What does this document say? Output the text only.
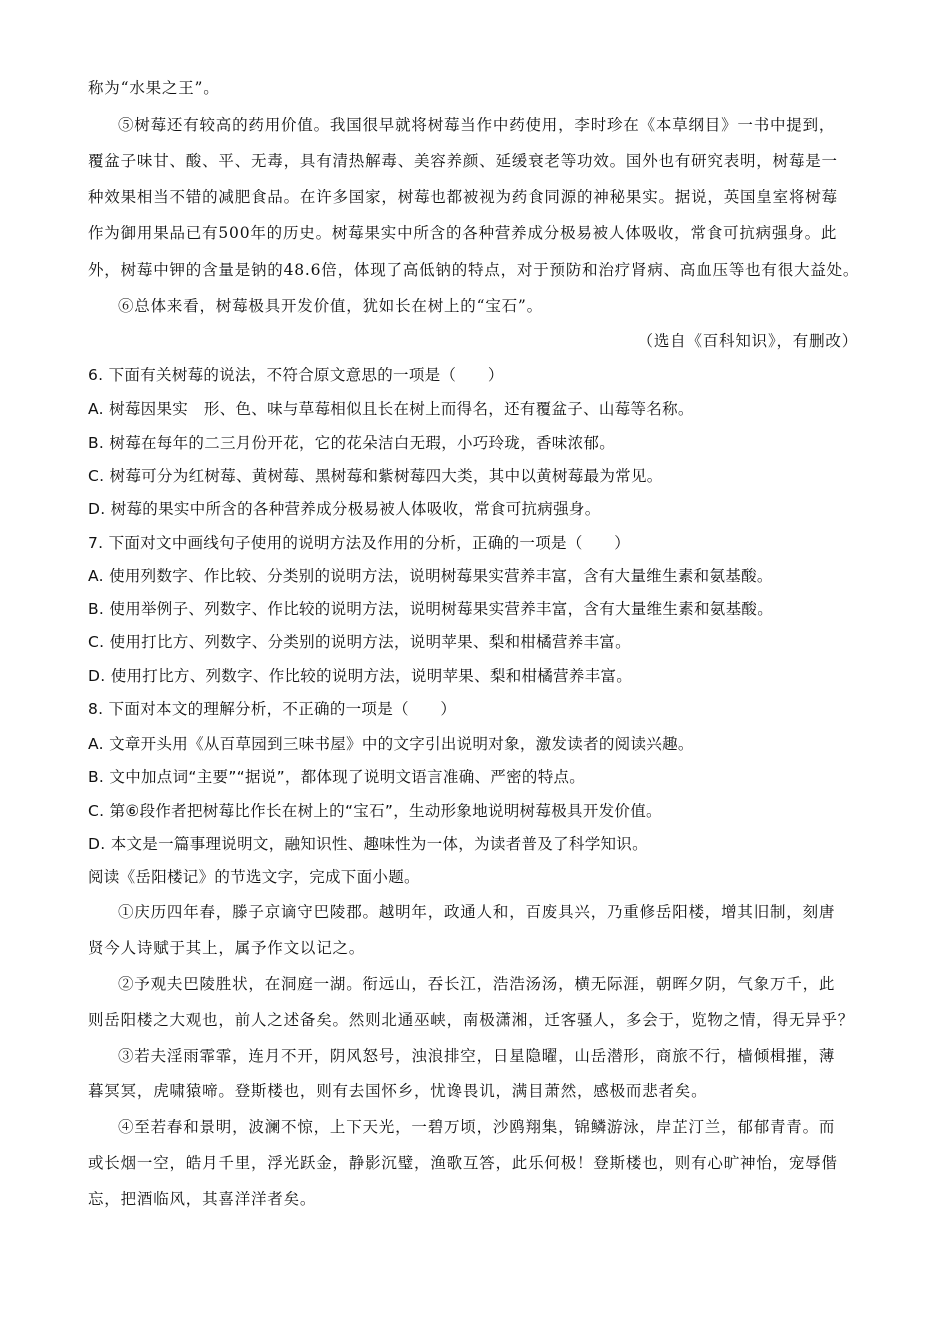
称为“水果之王”。
⑤树莓还有较高的药用价值。我国很早就将树莓当作中药使用，李时珍在《本草纲目》一书中提到，
覆盆子味甘、酸、平、无毒，具有清热解毒、美容养颜、延缓衰老等功效。国外也有研究表明，树莓是一
种效果相当不错的减肥食品。在许多国家，树莓也都被视为药食同源的神秘果实。据说，英国皇室将树莓
作为御用果品已有500年的历史。树莓果实中所含的各种营养成分极易被人体吸收，常食可抗病强身。此
外，树莓中钾的含量是钠的48.6倍，体现了高低钠的特点，对于预防和治疗肾病、高血压等也有很大益处。
⑥总体来看，树莓极具开发价值，犹如长在树上的“宝石”。
（选自《百科知识》，有删改）
6. 下面有关树莓的说法，不符合原文意思的一项是（　　）
A. 树莓因果实　形、色、味与草莓相似且长在树上而得名，还有覆盆子、山莓等名称。
B. 树莓在每年的二三月份开花，它的花朵洁白无瑕，小巧玲珑，香味浓郁。
C. 树莓可分为红树莓、黄树莓、黑树莓和紫树莓四大类，其中以黄树莓最为常见。
D. 树莓的果实中所含的各种营养成分极易被人体吸收，常食可抗病强身。
7. 下面对文中画线句子使用的说明方法及作用的分析，正确的一项是（　　）
A. 使用列数字、作比较、分类别的说明方法，说明树莓果实营养丰富，含有大量维生素和氨基酸。
B. 使用举例子、列数字、作比较的说明方法，说明树莓果实营养丰富，含有大量维生素和氨基酸。
C. 使用打比方、列数字、分类别的说明方法，说明苹果、梨和柑橘营养丰富。
D. 使用打比方、列数字、作比较的说明方法，说明苹果、梨和柑橘营养丰富。
8. 下面对本文的理解分析，不正确的一项是（　　）
A. 文章开头用《从百草园到三味书屋》中的文字引出说明对象，激发读者的阅读兴趣。
B. 文中加点词“主要”“据说”，都体现了说明文语言准确、严密的特点。
C. 第⑥段作者把树莓比作长在树上的“宝石”，生动形象地说明树莓极具开发价值。
D. 本文是一篇事理说明文，融知识性、趣味性为一体，为读者普及了科学知识。
阅读《岳阳楼记》的节选文字，完成下面小题。
①庆历四年春，滕子京谪守巴陵郡。越明年，政通人和，百废具兴，乃重修岳阳楼，增其旧制，刻唐
贤今人诗赋于其上，属予作文以记之。
②予观夫巴陵胜状，在洞庭一湖。衔远山，吞长江，浩浩汤汤，横无际涯，朝晖夕阴，气象万千，此
则岳阳楼之大观也，前人之述备矣。然则北通巫峡，南极潇湘，迁客骚人，多会于，览物之情，得无异乎？
③若夫淫雨霏霏，连月不开，阴风怒号，浊浪排空，日星隐曜，山岳潜形，商旅不行，樯倾楫摧，薄
暮冥冥，虎啸猿啼。登斯楼也，则有去国怀乡，忧谗畏讥，满目萧然，感极而悲者矣。
④至若春和景明，波澜不惊，上下天光，一碧万顷，沙鸥翔集，锦鳞游泳，岸芷汀兰，郁郁青青。而
或长烟一空，皓月千里，浮光跃金，静影沉璧，渔歌互答，此乐何极！登斯楼也，则有心旷神怡，宠辱偕
忘，把酒临风，其喜洋洋者矣。
